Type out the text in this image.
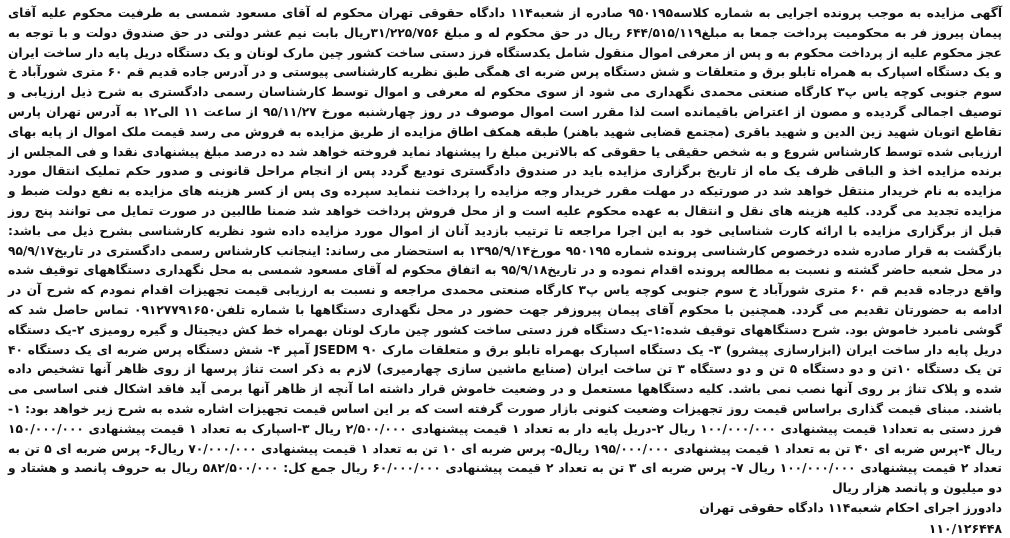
آگهی مزایده به موجب پرونده اجرایی به شماره کلاسه۹۵۰۱۹۵ صادره از شعبه۱۱۴ دادگاه حقوقی تهران محکوم له آقای مسعود شمسی به طرفیت محکوم علیه آقای پیمان پیروز فر به محکومیت پرداخت جمعا به مبلغ۶۴۴/۵۱۵/۱۱۹ ریال در حق محکوم له و مبلغ ۳۱/۲۲۵/۷۵۶ریال بابت نیم عشر دولتی در حق صندوق دولت و با توجه به عجز محکوم علیه از پرداخت محکوم به و پس از معرفی اموال منقول شامل یکدستگاه فرز دستی ساخت کشور چین مارک لونان و یک دستگاه دریل پایه دار ساخت ایران و یک دستگاه اسپارک به همراه تابلو برق و متعلقات و شش دستگاه پرس ضربه ای همگی طبق نظریه کارشناسی پیوستی و در آدرس جاده قدیم قم ۶۰ متری شورآباد خ سوم جنوبی کوچه یاس پ۳ کارگاه صنعتی محمدی نگهداری می شود از سوی محکوم له معرفی و اموال توسط کارشناسان رسمی دادگستری به شرح ذیل ارزیابی و توصیف اجمالی گردیده و مصون از اعتراض باقیمانده است لذا مقرر است اموال موصوف در روز چهارشنبه مورخ ۹۵/۱۱/۲۷ از ساعت ۱۱ الی۱۲ به آدرس تهران پارس تقاطع اتوبان شهید زین الدین و شهید باقری (مجتمع قضایی شهید باهنر) طبقه همکف اطاق مزایده از طریق مزایده به فروش می رسد قیمت ملک اموال از پایه بهای ارزیابی شده توسط کارشناس شروع و به شخص حقیقی یا حقوقی که بالاترین مبلغ را پیشنهاد نماید فروخته خواهد شد ده درصد مبلغ پیشنهادی نقدا و فی المجلس از برنده مزایده اخذ و الباقی ظرف یک ماه از تاریخ برگزاری مزایده باید در صندوق دادگستری تودیع گردد پس از انجام مراحل قانونی و صدور حکم تملیک انتقال مورد مزایده به نام خریدار منتقل خواهد شد در صورتیکه در مهلت مقرر خریدار وجه مزایده را پرداخت ننماید سپرده وی پس از کسر هزینه های مزایده به نفع دولت ضبط و مزایده تجدید می گردد. کلیه هزینه های نقل و انتقال به عهده محکوم علیه است و از محل فروش پرداخت خواهد شد ضمنا طالبین در صورت تمایل می توانند پنج روز قبل از برگزاری مزایده با ارائه کارت شناسایی خود به این اجرا مراجعه تا ترتیب بازدید آنان از اموال مورد مزایده داده شود نظریه کارشناسی بشرح ذیل می باشد: بازگشت به قرار صادره شده درخصوص کارشناسی پرونده شماره ۹۵۰۱۹۵ مورخ۱۳۹۵/۹/۱۴ به استحضار می رساند: اینجانب کارشناس رسمی دادگستری در تاریخ۹۵/۹/۱۷ در محل شعبه حاضر گشته و نسبت به مطالعه پرونده اقدام نموده و در تاریخ۹۵/۹/۱۸ به اتفاق محکوم له آقای مسعود شمسی به محل نگهداری دستگاههای توقیف شده واقع درجاده قدیم قم ۶۰ متری شورآباد خ سوم جنوبی کوچه یاس پ۳ کارگاه صنعتی محمدی مراجعه و نسبت به ارزیابی قیمت تجهیزات اقدام نمودم که شرح آن در ادامه به حضورتان تقدیم می گردد. همچنین با محکوم آقای پیمان پیروزفر جهت حضور در محل نگهداری دستگاهها با شماره تلفن۰۹۱۲۷۷۹۱۶۵۰ تماس حاصل شد که گوشی نامبرد خاموش بود. شرح دستگاههای توقیف شده:۱-یک دستگاه فرز دستی ساخت کشور چین مارک لونان بهمراه خط کش دیجیتال و گیره رومیزی ۲-یک دستگاه دریل پایه دار ساخت ایران (ابزارسازی پیشرو) ۳- یک دستگاه اسپارک بهمراه تابلو برق و متعلقات مارک JSEDM ۹۰ آمپر ۴- شش دستگاه پرس ضربه ای یک دستگاه ۴۰ تن یک دستگاه ۱۰تن و دو دستگاه ۵ تن و دو دستگاه ۳ تن ساخت ایران (صنایع ماشین سازی چهارمیری) لازم به ذکر است تناژ پرسها از روی ظاهر آنها تشخیص داده شده و پلاک تناژ بر روی آنها نصب نمی باشد. کلیه دستگاهها مستعمل و در وضعیت خاموش قرار داشته اما آنچه از ظاهر آنها برمی آید فاقد اشکال فنی اساسی می باشند. مبنای قیمت گذاری براساس قیمت روز تجهیزات وضعیت کنونی بازار صورت گرفته است که بر این اساس قیمت تجهیزات اشاره شده به شرح زیر خواهد بود: ۱-فرز دستی به تعداد۱ قیمت پیشنهادی ۱۰۰/۰۰۰/۰۰۰ ریال ۲-دریل پایه دار به تعداد ۱ قیمت پیشنهادی ۲/۵۰۰/۰۰۰ ریال ۳-اسپارک به تعداد ۱ قیمت پیشنهادی ۱۵۰/۰۰۰/۰۰۰ ریال ۴-پرس ضربه ای ۴۰ تن به تعداد ۱ قیمت پیشنهادی ۱۹۵/۰۰۰/۰۰۰ ریال۵- پرس ضربه ای ۱۰ تن به تعداد ۱ قیمت پیشنهادی ۷۰/۰۰۰/۰۰۰ ریال۶- پرس ضربه ای ۵ تن به تعداد ۲ قیمت پیشنهادی ۱۰۰/۰۰۰/۰۰۰ ریال ۷- پرس ضربه ای ۳ تن به تعداد ۲ قیمت پیشنهادی ۶۰/۰۰۰/۰۰۰ ریال جمع کل: ۵۸۲/۵۰۰/۰۰۰ ریال به حروف پانصد و هشتاد و دو میلیون و پانصد هزار ریال

دادورز اجرای احکام شعبه۱۱۴ دادگاه حقوقی تهران
۱۱۰/۱۲۶۴۴۸
